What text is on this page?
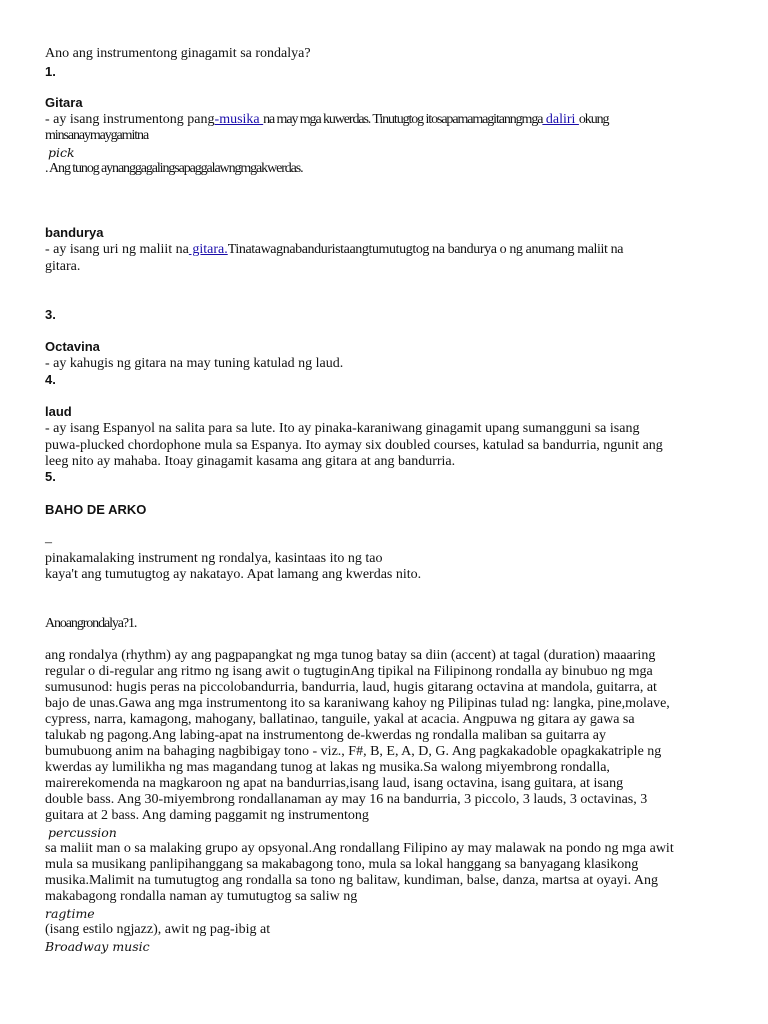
Ano ang instrumentong ginagamit sa rondalya?
1.
Gitara
- ay isang instrumentong pang-musika na may mga kuwerdas. Tinutugtog itosapamamagitanngmga daliri okung
minsanaymaygamitna
pick
. Ang tunog aynanggagalingsapaggalawngmgakwerdas.
bandurya
- ay isang uri ng maliit na gitara.Tinatawagnabanduristaangtumutugtog na bandurya o ng anumang maliit na
gitara.
3.
Octavina
- ay kahugis ng gitara na may tuning katulad ng laud.
4.
laud
- ay isang Espanyol na salita para sa lute. Ito ay pinaka-karaniwang ginagamit upang sumangguni sa isang
puwa-plucked chordophone mula sa Espanya. Ito aymay six doubled courses, katulad sa bandurria, ngunit ang
leeg nito ay mahaba. Itoay ginagamit kasama ang gitara at ang bandurria.
5.
BAHO DE ARKO
–
pinakamalaking instrument ng rondalya, kasintaas ito ng tao
kaya't ang tumutugtog ay nakatayo. Apat lamang ang kwerdas nito.
Anoangrondalya?1.
ang rondalya (rhythm) ay ang pagpapangkat ng mga tunog batay sa diin (accent) at tagal (duration) maaaring
regular o di-regular ang ritmo ng isang awit o tugtuginAng tipikal na Filipinong rondalla ay binubuo ng mga
sumusunod: hugis peras na piccolobandurria, bandurria, laud, hugis gitarang octavina at mandola, guitarra, at
bajo de unas.Gawa ang mga instrumentong ito sa karaniwang kahoy ng Pilipinas tulad ng: langka, pine,molave,
cypress, narra, kamagong, mahogany, ballatinao, tanguile, yakal at acacia. Angpuwa ng gitara ay gawa sa
talukab ng pagong.Ang labing-apat na instrumentong de-kwerdas ng rondalla maliban sa guitarra ay
bumubuong anim na bahaging nagbibigay tono - viz., F#, B, E, A, D, G. Ang pagkakadoble opagkakatriple ng
kwerdas ay lumilikha ng mas magandang tunog at lakas ng musika.Sa walong miyembrong rondalla,
mairerekomenda na magkaroon ng apat na bandurrias,isang laud, isang octavina, isang guitara, at isang
double bass. Ang 30-miyembrong rondallanaman ay may 16 na bandurria, 3 piccolo, 3 lauds, 3 octavinas, 3
guitara at 2 bass. Ang daming paggamit ng instrumentong
percussion
sa maliit man o sa malaking grupo ay opsyonal.Ang rondallang Filipino ay may malawak na pondo ng mga awit
mula sa musikang panlipihanggang sa makabagong tono, mula sa lokal hanggang sa banyagang klasikong
musika.Malimit na tumutugtog ang rondalla sa tono ng balitaw, kundiman, balse, danza, martsa at oyayi. Ang
makabagong rondalla naman ay tumutugtog sa saliw ng
ragtime
(isang estilo ngjazz), awit ng pag-ibig at
Broadway music
